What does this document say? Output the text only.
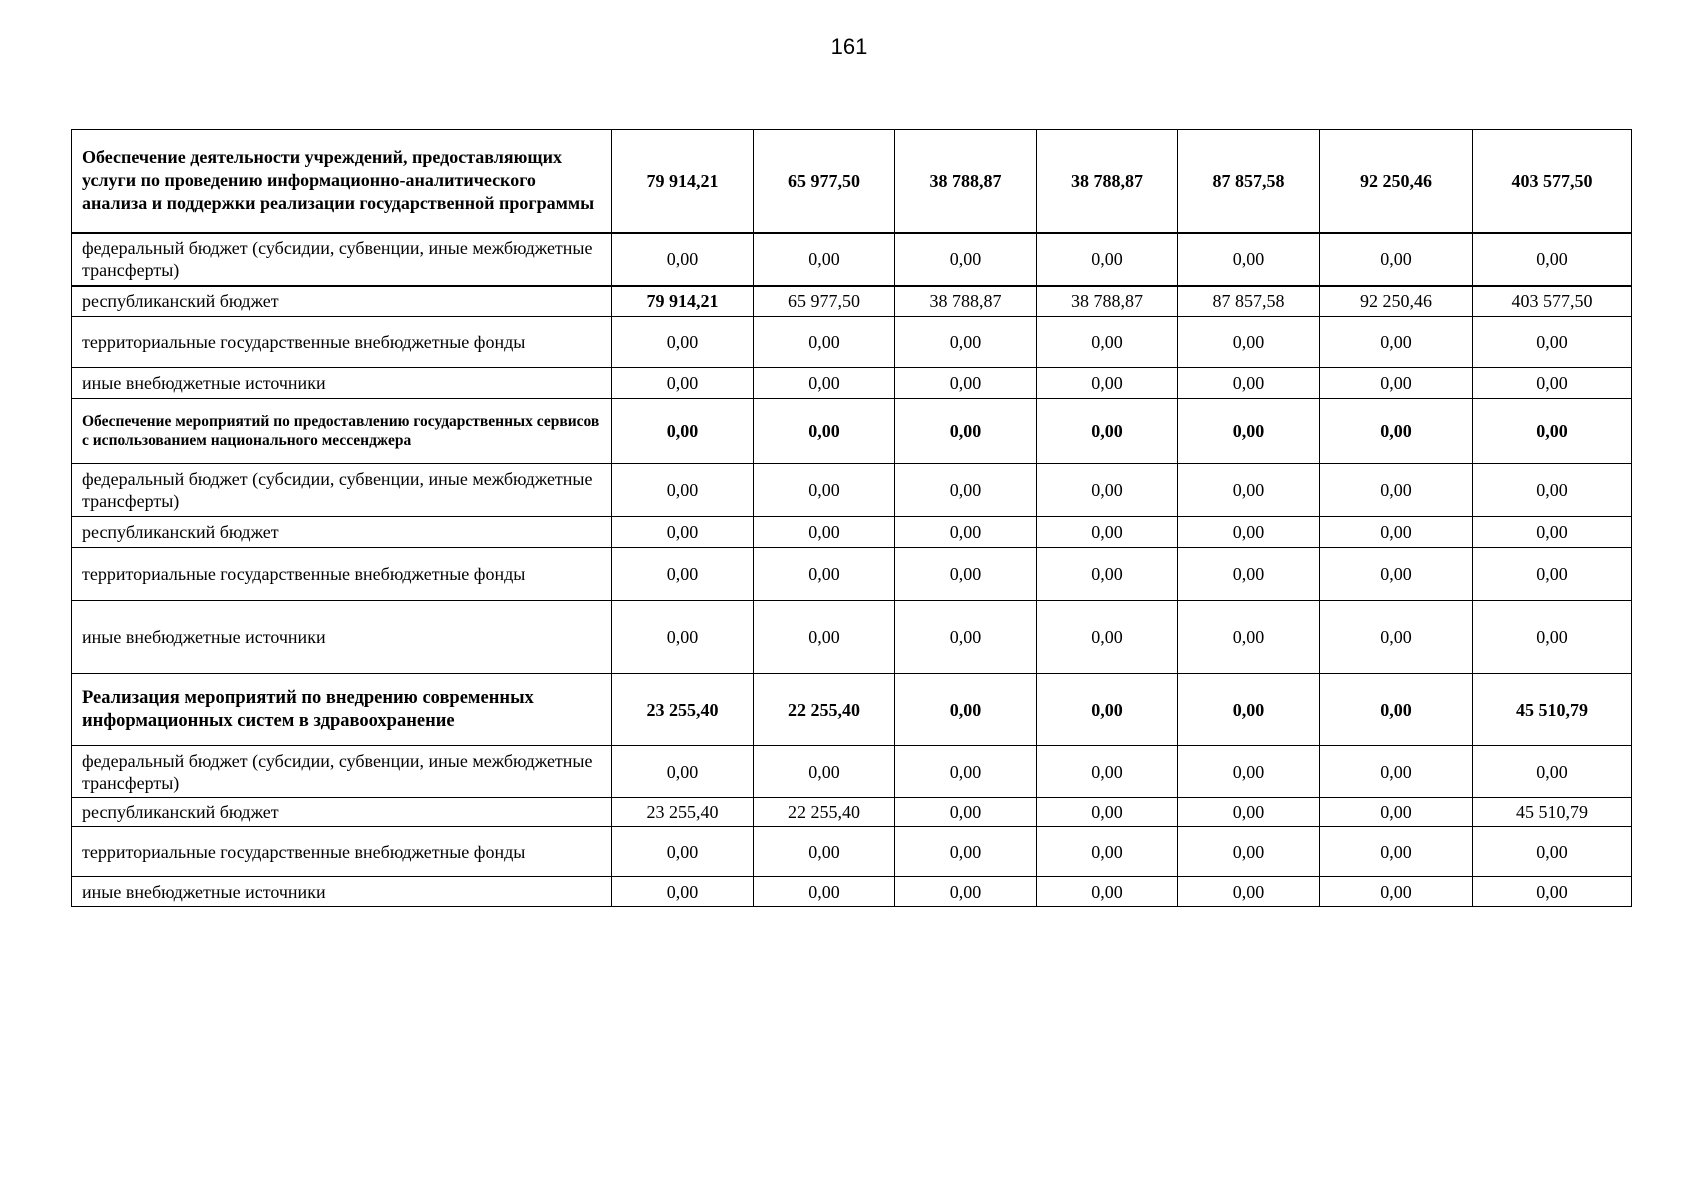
161
Обеспечение деятельности учреждений, предоставляющих услуги по проведению информационно-аналитического анализа и поддержки реализации государственной программы	79 914,21	65 977,50	38 788,87	38 788,87	87 857,58	92 250,46	403 577,50
федеральный бюджет (субсидии, субвенции, иные межбюджетные трансферты)	0,00	0,00	0,00	0,00	0,00	0,00	0,00
республиканский бюджет	79 914,21	65 977,50	38 788,87	38 788,87	87 857,58	92 250,46	403 577,50
территориальные государственные внебюджетные фонды	0,00	0,00	0,00	0,00	0,00	0,00	0,00
иные внебюджетные источники	0,00	0,00	0,00	0,00	0,00	0,00	0,00
Обеспечение мероприятий по предоставлению государственных сервисов с использованием национального мессенджера	0,00	0,00	0,00	0,00	0,00	0,00	0,00
федеральный бюджет (субсидии, субвенции, иные межбюджетные трансферты)	0,00	0,00	0,00	0,00	0,00	0,00	0,00
республиканский бюджет	0,00	0,00	0,00	0,00	0,00	0,00	0,00
территориальные государственные внебюджетные фонды	0,00	0,00	0,00	0,00	0,00	0,00	0,00
иные внебюджетные источники	0,00	0,00	0,00	0,00	0,00	0,00	0,00
Реализация мероприятий по внедрению современных информационных систем в здравоохранение	23 255,40	22 255,40	0,00	0,00	0,00	0,00	45 510,79
федеральный бюджет (субсидии, субвенции, иные межбюджетные трансферты)	0,00	0,00	0,00	0,00	0,00	0,00	0,00
республиканский бюджет	23 255,40	22 255,40	0,00	0,00	0,00	0,00	45 510,79
территориальные государственные внебюджетные фонды	0,00	0,00	0,00	0,00	0,00	0,00	0,00
иные внебюджетные источники	0,00	0,00	0,00	0,00	0,00	0,00	0,00
